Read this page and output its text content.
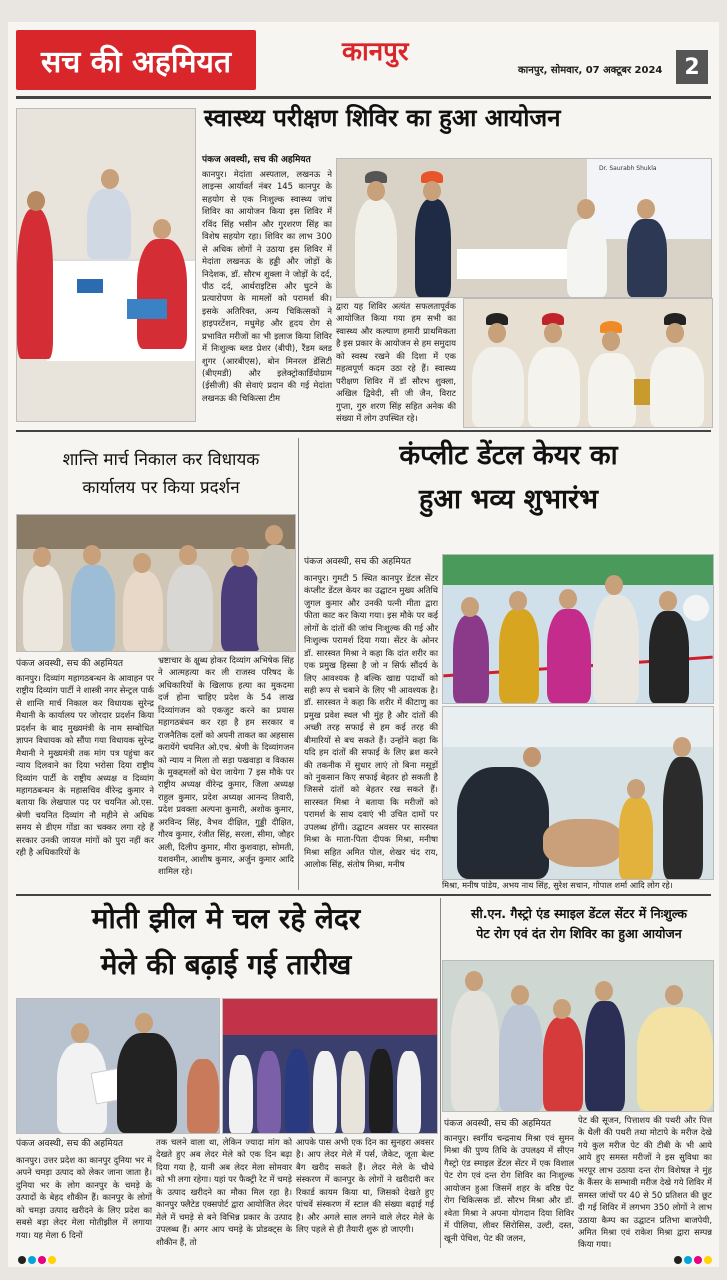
सच की अहमियत	कानपुर
कानपुर, सोमवार, 07 अक्टूबर 2024 2
स्वास्थ्य परीक्षण शिविर का हुआ आयोजन
पंकज अवस्थी, सच की अहमियत
कानपुर। मेदांता अस्पताल, लखनऊ ने लाइन्स आर्यावर्त नंबर 145 कानपुर के सहयोग से एक निःशुल्क स्वास्थ्य जांच शिविर का आयोजन किया इस शिविर में रविंद सिंह भसीन और गुरशरण सिंह का विशेष सहयोग रहा। शिविर का लाभ 300 से अधिक लोगों ने उठाया इस शिविर में मेदांता लखनऊ के हड्डी और जोड़ों के निदेशक, डॉ. सौरभ शुक्ला ने जोड़ों के दर्द, पीठ दर्द, आर्थराइटिस और घुटने के प्रत्यारोपण के मामलों को परामर्श की। इसके अतिरिक्त, अन्य चिकित्सकों ने हाइपरटेंशन, मधुमेह और हृदय रोग से प्रभावित मरीजों का भी इलाज किया शिविर में निःशुल्क ब्लड प्रेशर (बीपी), रैंडम ब्लड शुगर (आरबीएस), बोन मिनरल डेंसिटी (बीएमडी) और इलेक्ट्रोकार्डियोग्राम (ईसीजी) की सेवाएं प्रदान की गई मेदांता लखनऊ की चिकित्सा टीम
Dr. Saurabh Shukla
द्वारा यह शिविर अत्यंत सफलतापूर्वक आयोजित किया गया हम सभी का स्वास्थ्य और कल्याण हमारी प्राथमिकता है इस प्रकार के आयोजन से हम समुदाय को स्वस्थ रखने की दिशा में एक महत्वपूर्ण कदम उठा रहे हैं। स्वास्थ्य परीक्षण शिविर में डॉ सौरभ शुक्ला, अखिल द्विवेदी, सी जी जैन, विराट गुप्ता, गुरु शरण सिंह सहित अनेक की संख्या में लोग उपस्थित रहे।
शान्ति मार्च निकाल कर विधायक
कार्यालय पर किया प्रदर्शन
पंकज अवस्थी, सच की अहमियत
कानपुर। दिव्यांग महागठबन्धन के आवाहन पर राष्ट्रीय दिव्यांग पार्टी ने शास्त्री नगर सेन्ट्रल पार्क से शान्ति मार्च निकाल कर विधायक सुरेन्द्र मैथानी के कार्यालय पर जोरदार प्रदर्शन किया प्रदर्शन के बाद मुख्यमंत्री के नाम सम्बोधित ज्ञापन विधायक को सौंपा गया विधायक सुरेन्द्र मैथानी ने मुख्यमंत्री तक मांग पत्र पहुंचा कर न्याय दिलवाने का दिया भरोसा दिया राष्ट्रीय दिव्यांग पार्टी के राष्ट्रीय अध्यक्ष व दिव्यांग महागठबन्धन के महासचिव वीरेन्द्र कुमार ने बताया कि लेखपाल पद पर चयनित ओ.एस. श्रेणी चयनित दिव्यांग नौ महीने से अधिक समय से डीएम गोंडा का चक्कर लगा रहे हैं सरकार उनकी जायज मांगों को पुरा नहीं कर रही है अधिकारियों के
भ्रष्टाचार के क्षुब्ध होकर दिव्यांग अभिषेक सिंह ने आत्महत्या कर ली राजस्व परिषद के अधिकारियों के खिलाफ हत्या का मुकदमा दर्ज होना चाहिए प्रदेश के 54 लाख दिव्यांगजन को एकजुट करने का प्रयास महागठबंधन कर रहा है हम सरकार व राजनैतिक दलों को अपनी ताकत का अहसास करायेंगे चयनित ओ.एच. श्रेणी के दिव्यांगजन को न्याय न मिला तो सड़ा पखवाड़ा व विकास के मुकद्दमलों को घेरा जायेगा 7 इस मौके पर राष्ट्रीय अध्यक्ष वीरेन्द्र कुमार, जिला अध्यक्ष राहुल कुमार, प्रदेश अध्यक्ष आनन्द तिवारी, प्रदेश प्रवक्ता अल्पना कुमारी, अशोक कुमार, अरविन्द सिंह, वैभव दीक्षित, गुड्डी दीक्षित, गौरव कुमार, रंजीत सिंह, सरला, सीमा, जौहर अली, दिलीप कुमार, मीरा कुशवाहा, सोमती, यशवमीन, आशीष कुमार, अर्जुन कुमार आदि शामिल रहे।
कंप्लीट डेंटल केयर का
हुआ भव्य शुभारंभ
पंकज अवस्थी, सच की अहमियत
कानपुर। गुमटी 5 स्थित कानपुर डेंटल सेंटर कंप्लीट डेंटल केयर का उद्घाटन मुख्य अतिथि जुगल कुमार और उनकी पत्नी मीता द्वारा फीता काट कर किया गया। इस मौके पर कई लोगों के दांतों की जांच निःशुल्क की गई और निःशुल्क परामर्श दिया गया। सेंटर के ओनर डॉ. सारस्वत मिश्रा ने कहा कि दांत शरीर का एक प्रमुख हिस्सा है जो न सिर्फ सौंदर्य के लिए आवश्यक है बल्कि खाद्य पदार्थों को सही रूप से चबाने के लिए भी आवश्यक है। डॉ. सारस्वत ने कहा कि शरीर में कीटाणु का प्रमुख प्रवेश स्थल भी मुंह है और दांतों की अच्छी तरह सफाई से हम कई तरह की बीमारियों से बच सकते हैं। उन्होंने कहा कि यदि हम दांतों की सफाई के लिए ब्रश करने की तकनीक में सुधार लाएं तो बिना मसूड़ों को नुकसान किए सफाई बेहतर हो सकती है जिससे दांतों को बेहतर रख सकते हैं। सारस्वत मिश्रा ने बताया कि मरीजों को परामर्श के साथ दवाएं भी उचित दामों पर उपलब्ध होंगी। उद्घाटन अवसर पर सारस्वत मिश्रा के माता-पिता दीपक मिश्रा, मनीषा मिश्रा सहित अमित पोल, शेखर चंद राय, आलोक सिंह, संतोष मिश्रा, मनीष
मिश्रा, मनीष पांडेय, अभय नाथ सिंह, सुरेश सचान, गोपाल शर्मा आदि लोग रहे।
मोती झील मे चल रहे लेदर
मेले की बढ़ाई गई तारीख
पंकज अवस्थी, सच की अहमियत
कानपुर। उत्तर प्रदेश का कानपुर दुनिया भर में अपने चमड़ा उत्पाद को लेकर जाना जाता है। दुनिया भर के लोग कानपुर के चमड़े के उत्पादों के बेहद शौकीन हैं। कानपुर के लोगों को चमड़ा उत्पाद खरीदने के लिए प्रदेश का सबसे बड़ा लेदर मेला मोतीझील में लगाया गया। यह मेला 6 दिनों
तक चलने वाला था, लेकिन ज्यादा मांग को देखते हुए अब लेदर मेले को एक दिन बढ़ा दिया गया है, यानी अब लेदर मेला सोमवार को भी लगा रहेगा। यहां पर फैक्ट्री रेट में चमड़े के उत्पाद खरीदने का मौका मिल रहा है। कानपुर फ्लैटेड एक्सपोर्ट द्वारा आयोजित लेदर मेले में चमड़े से बने विभिन्न प्रकार के उत्पाद उपलब्ध हैं। अगर आप चमड़े के प्रोडक्ट्स के शौकीन हैं, तो
आपके पास अभी एक दिन का सुनहरा अवसर है। आप लेदर मेले में पर्स, जैकेट, जूता बेल्ट बैग खरीद सकते हैं। लेदर मेले के चौथे संस्करण में कानपुर के लोगों ने खरीदारी कर रिकार्ड कायम किया था, जिसको देखते हुए पांचवें संस्करण में स्टाल की संख्या बढ़ाई गई है। और अगले साल लगने वाले लेदर मेले के लिए पहले से ही तैयारी शुरू हो जाएगी।
सी.एन. गैस्ट्रो एंड स्माइल डेंटल सेंटर में निःशुल्क
पेट रोग एवं दंत रोग शिविर का हुआ आयोजन
पंकज अवस्थी, सच की अहमियत
कानपुर। स्वर्गीय चन्द्रनाथ मिश्रा एवं सुमन मिश्रा की पुण्य तिथि के उपलक्ष्य में सीएन गैस्ट्रो एंड स्माइल डेंटल सेंटर में एक विशाल पेट रोग एवं दन्त रोग शिविर का निःशुल्क आयोजन हुआ जिसमें शहर के वरिष्ठ पेट रोग चिकित्सक डॉ. सौरभ मिश्रा और डॉ. श्वेता मिश्रा ने अपना योगदान दिया शिविर में पीलिया, लीवर सिरोसिस, उल्टी, दस्त, खूनी पेचिश, पेट की जलन,
पेट की सूजन, पित्ताशय की पथरी और पित्त के थैली की पथरी तथा मोटापे के मरीज देखे गये कुल मरीज पेट की टीबी के भी आये आये हुए समस्त मरीजों ने इस सुविधा का भरपूर लाभ उठाया दन्त रोग विशेषज्ञ ने मुंह के कैंसर के सम्भावी मरीज देखे गये शिविर में समस्त जांचों पर 40 से 50 प्रतिशत की छूट दी गई शिविर में लगभग 350 लोगों ने लाभ उठाया कैम्प का उद्घाटन प्रतिभा बाजपेयी, अमित मिश्रा एवं राकेश मिश्रा द्वारा सम्पन्न किया गया।
